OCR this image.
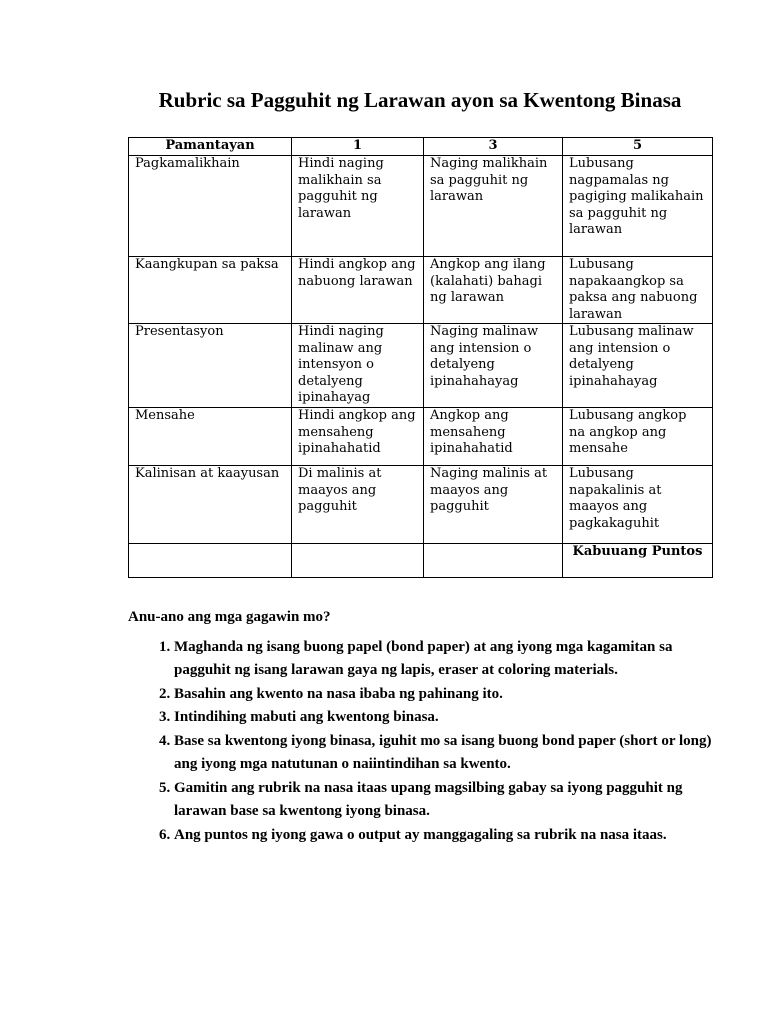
Rubric sa Pagguhit ng Larawan ayon sa Kwentong Binasa
Pamantayan	1	3	5
Pagkamalikhain	Hindi naging malikhain sa pagguhit ng larawan	Naging malikhain sa pagguhit ng larawan	Lubusang nagpamalas ng pagiging malikahain sa pagguhit ng larawan
Kaangkupan sa paksa	Hindi angkop ang nabuong larawan	Angkop ang ilang (kalahati) bahagi ng larawan	Lubusang napakaangkop sa paksa ang nabuong larawan
Presentasyon	Hindi naging malinaw ang intensyon o detalyeng ipinahayag	Naging malinaw ang intension o detalyeng ipinahahayag	Lubusang malinaw ang intension o detalyeng ipinahahayag
Mensahe	Hindi angkop ang mensaheng ipinahahatid	Angkop ang mensaheng ipinahahatid	Lubusang angkop na angkop ang mensahe
Kalinisan at kaayusan	Di malinis at maayos ang pagguhit	Naging malinis at maayos ang pagguhit	Lubusang napakalinis at maayos ang pagkakaguhit
			Kabuuang Puntos
Anu-ano ang mga gagawin mo?
1. Maghanda ng isang buong papel (bond paper) at ang iyong mga kagamitan sa pagguhit ng isang larawan gaya ng lapis, eraser at coloring materials.
2. Basahin ang kwento na nasa ibaba ng pahinang ito.
3. Intindihing mabuti ang kwentong binasa.
4. Base sa kwentong iyong binasa, iguhit mo sa isang buong bond paper (short or long) ang iyong mga natutunan o naiintindihan sa kwento.
5. Gamitin ang rubrik na nasa itaas upang magsilbing gabay sa iyong pagguhit ng larawan base sa kwentong iyong binasa.
6. Ang puntos ng iyong gawa o output ay manggagaling sa rubrik na nasa itaas.
